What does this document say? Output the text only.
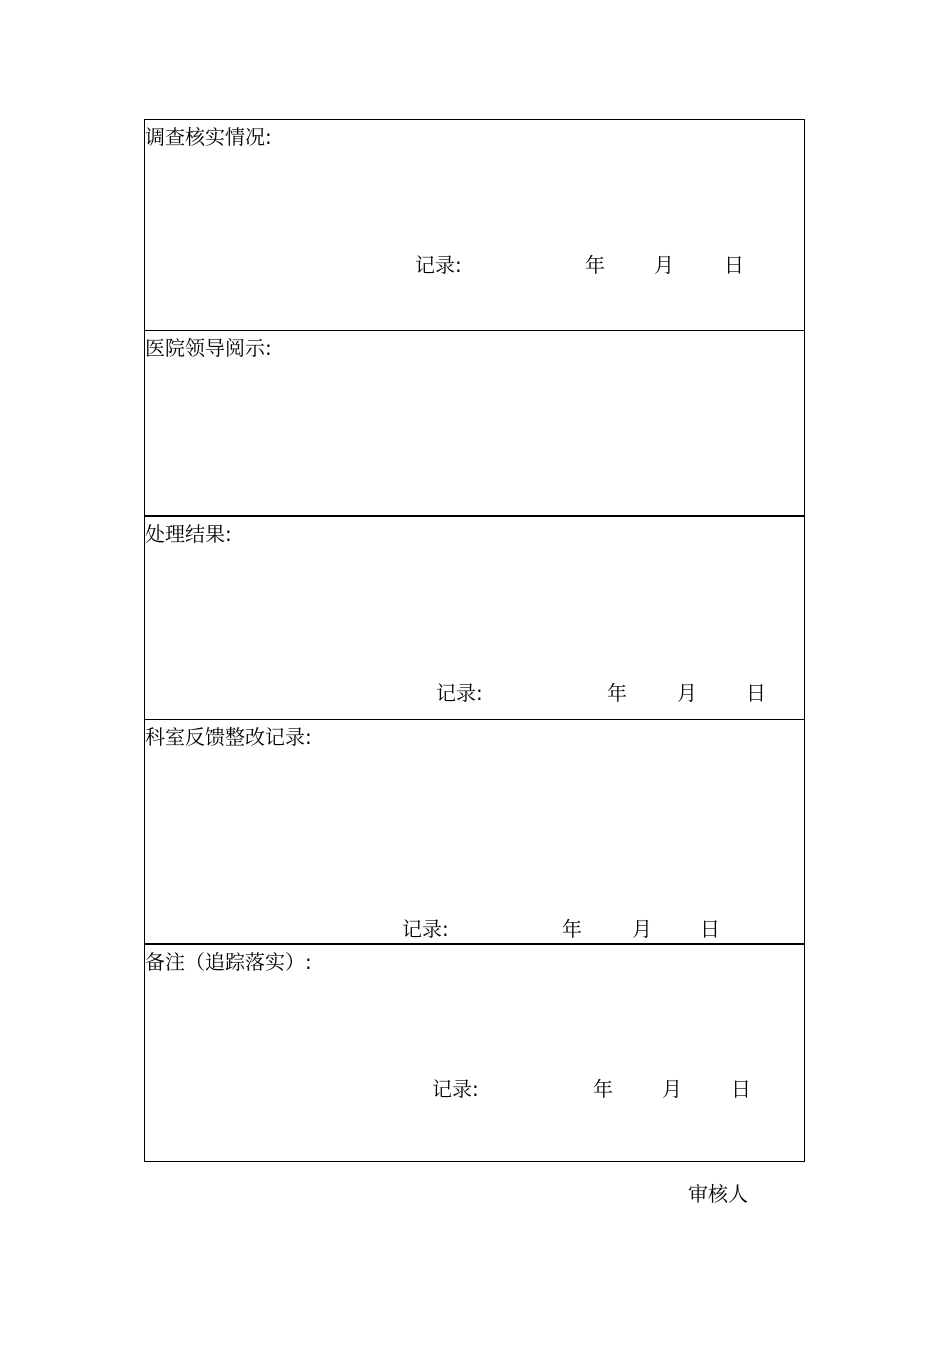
调查核实情况:
记录:	年 月	日
医院领导阅示:
处理结果:
记录:	年	月 日
科室反馈整改记录:
记录:	年	月 日
备注（追踪落实）:
记录:	年 月 日
审核人
